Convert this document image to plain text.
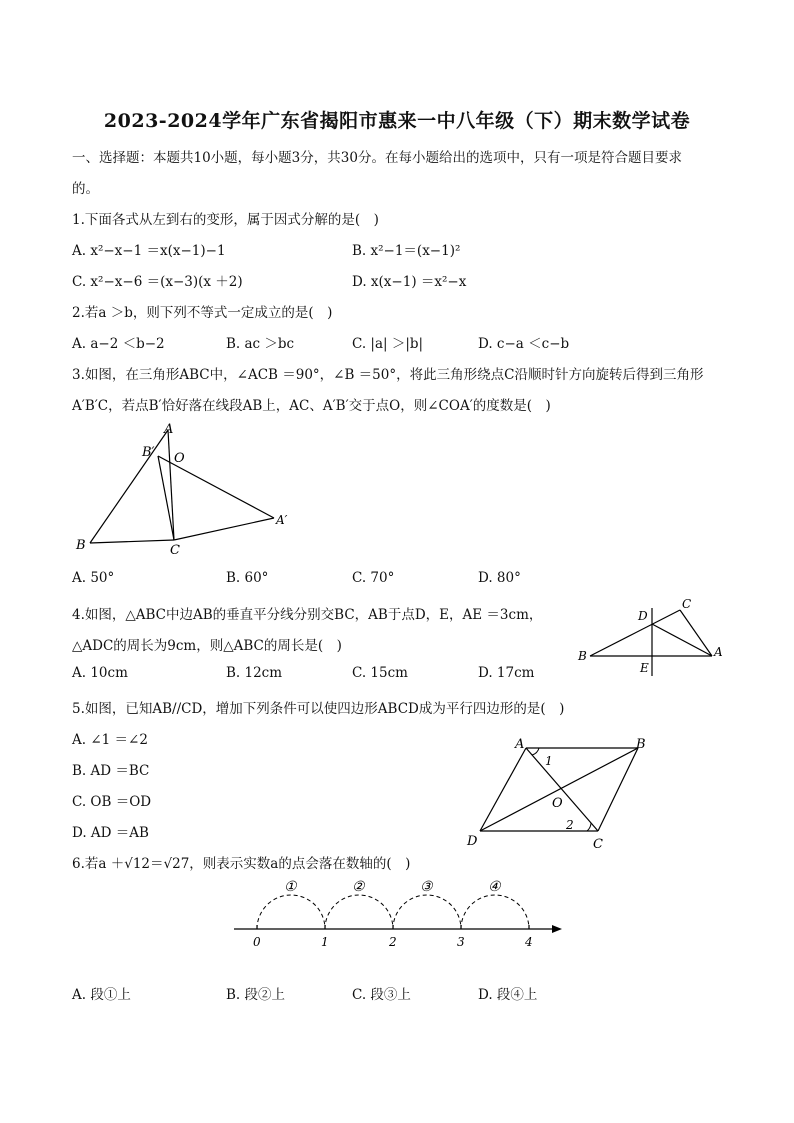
2023-2024学年广东省揭阳市惠来一中八年级（下）期末数学试卷
一、选择题：本题共10小题，每小题3分，共30分。在每小题给出的选项中，只有一项是符合题目要求
的。
1.下面各式从左到右的变形，属于因式分解的是(　)
A. x²−x−1 ＝x(x−1)−1	B. x²−1＝(x−1)²
C. x²−x−6 ＝(x−3)(x ＋2)	D. x(x−1) ＝x²−x
2.若a ＞b，则下列不等式一定成立的是(　)
A. a−2 ＜b−2	B. ac ＞bc	C. |a| ＞|b|	D. c−a ＜c−b
3.如图，在三角形ABC中，∠ACB ＝90°，∠B ＝50°，将此三角形绕点C沿顺时针方向旋转后得到三角形
A′B′C，若点B′恰好落在线段AB上，AC、A′B′交于点O，则∠COA′的度数是(　)
A
B	C
B′ O
A′
A. 50°	B. 60°	C. 70°	D. 80°
4.如图，△ABC中边AB的垂直平分线分别交BC，AB于点D，E，AE ＝3cm，
△ADC的周长为9cm，则△ABC的周长是(　)
B	A
C
D
E
A. 10cm	B. 12cm	C. 15cm	D. 17cm
5.如图，已知AB//CD，增加下列条件可以使四边形ABCD成为平行四边形的是(　)
A. ∠1 ＝∠2
B. AD ＝BC
C. OB ＝OD
D. AD ＝AB
A	B
C
D
O
1
2
6.若a ＋√12＝√27，则表示实数a的点会落在数轴的(　)
①	②	③	④
0	1	2	3	4
A. 段①上	B. 段②上	C. 段③上	D. 段④上
